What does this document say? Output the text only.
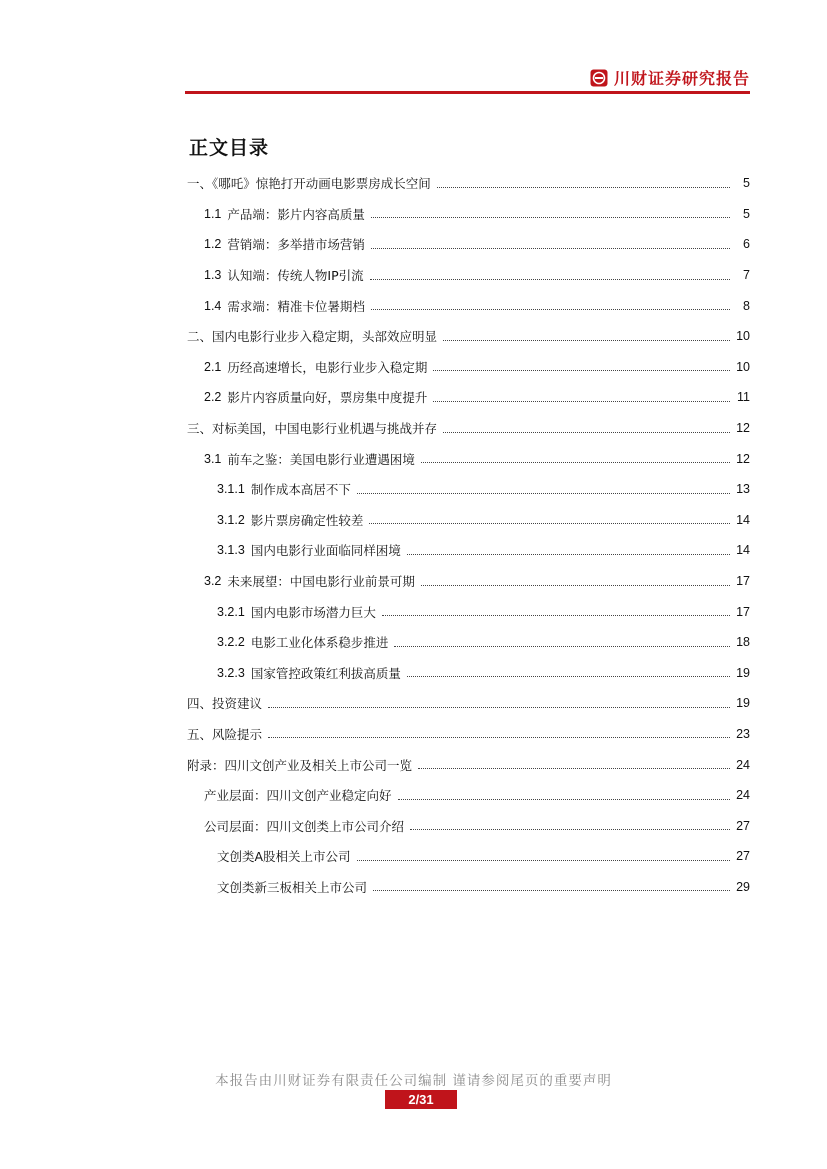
川财证券研究报告
正文目录
一、《哪吒》惊艳打开动画电影票房成长空间	5
1.1 产品端：影片内容高质量	5
1.2 营销端：多举措市场营销	6
1.3 认知端：传统人物IP引流	7
1.4 需求端：精准卡位暑期档	8
二、国内电影行业步入稳定期，头部效应明显	10
2.1 历经高速增长，电影行业步入稳定期	10
2.2 影片内容质量向好，票房集中度提升	11
三、对标美国，中国电影行业机遇与挑战并存	12
3.1 前车之鉴：美国电影行业遭遇困境	12
3.1.1 制作成本高居不下	13
3.1.2 影片票房确定性较差	14
3.1.3 国内电影行业面临同样困境	14
3.2 未来展望：中国电影行业前景可期	17
3.2.1 国内电影市场潜力巨大	17
3.2.2 电影工业化体系稳步推进	18
3.2.3 国家管控政策红利拔高质量	19
四、投资建议	19
五、风险提示	23
附录：四川文创产业及相关上市公司一览	24
产业层面：四川文创产业稳定向好	24
公司层面：四川文创类上市公司介绍	27
文创类A股相关上市公司	27
文创类新三板相关上市公司	29
本报告由川财证券有限责任公司编制 谨请参阅尾页的重要声明
2/31
